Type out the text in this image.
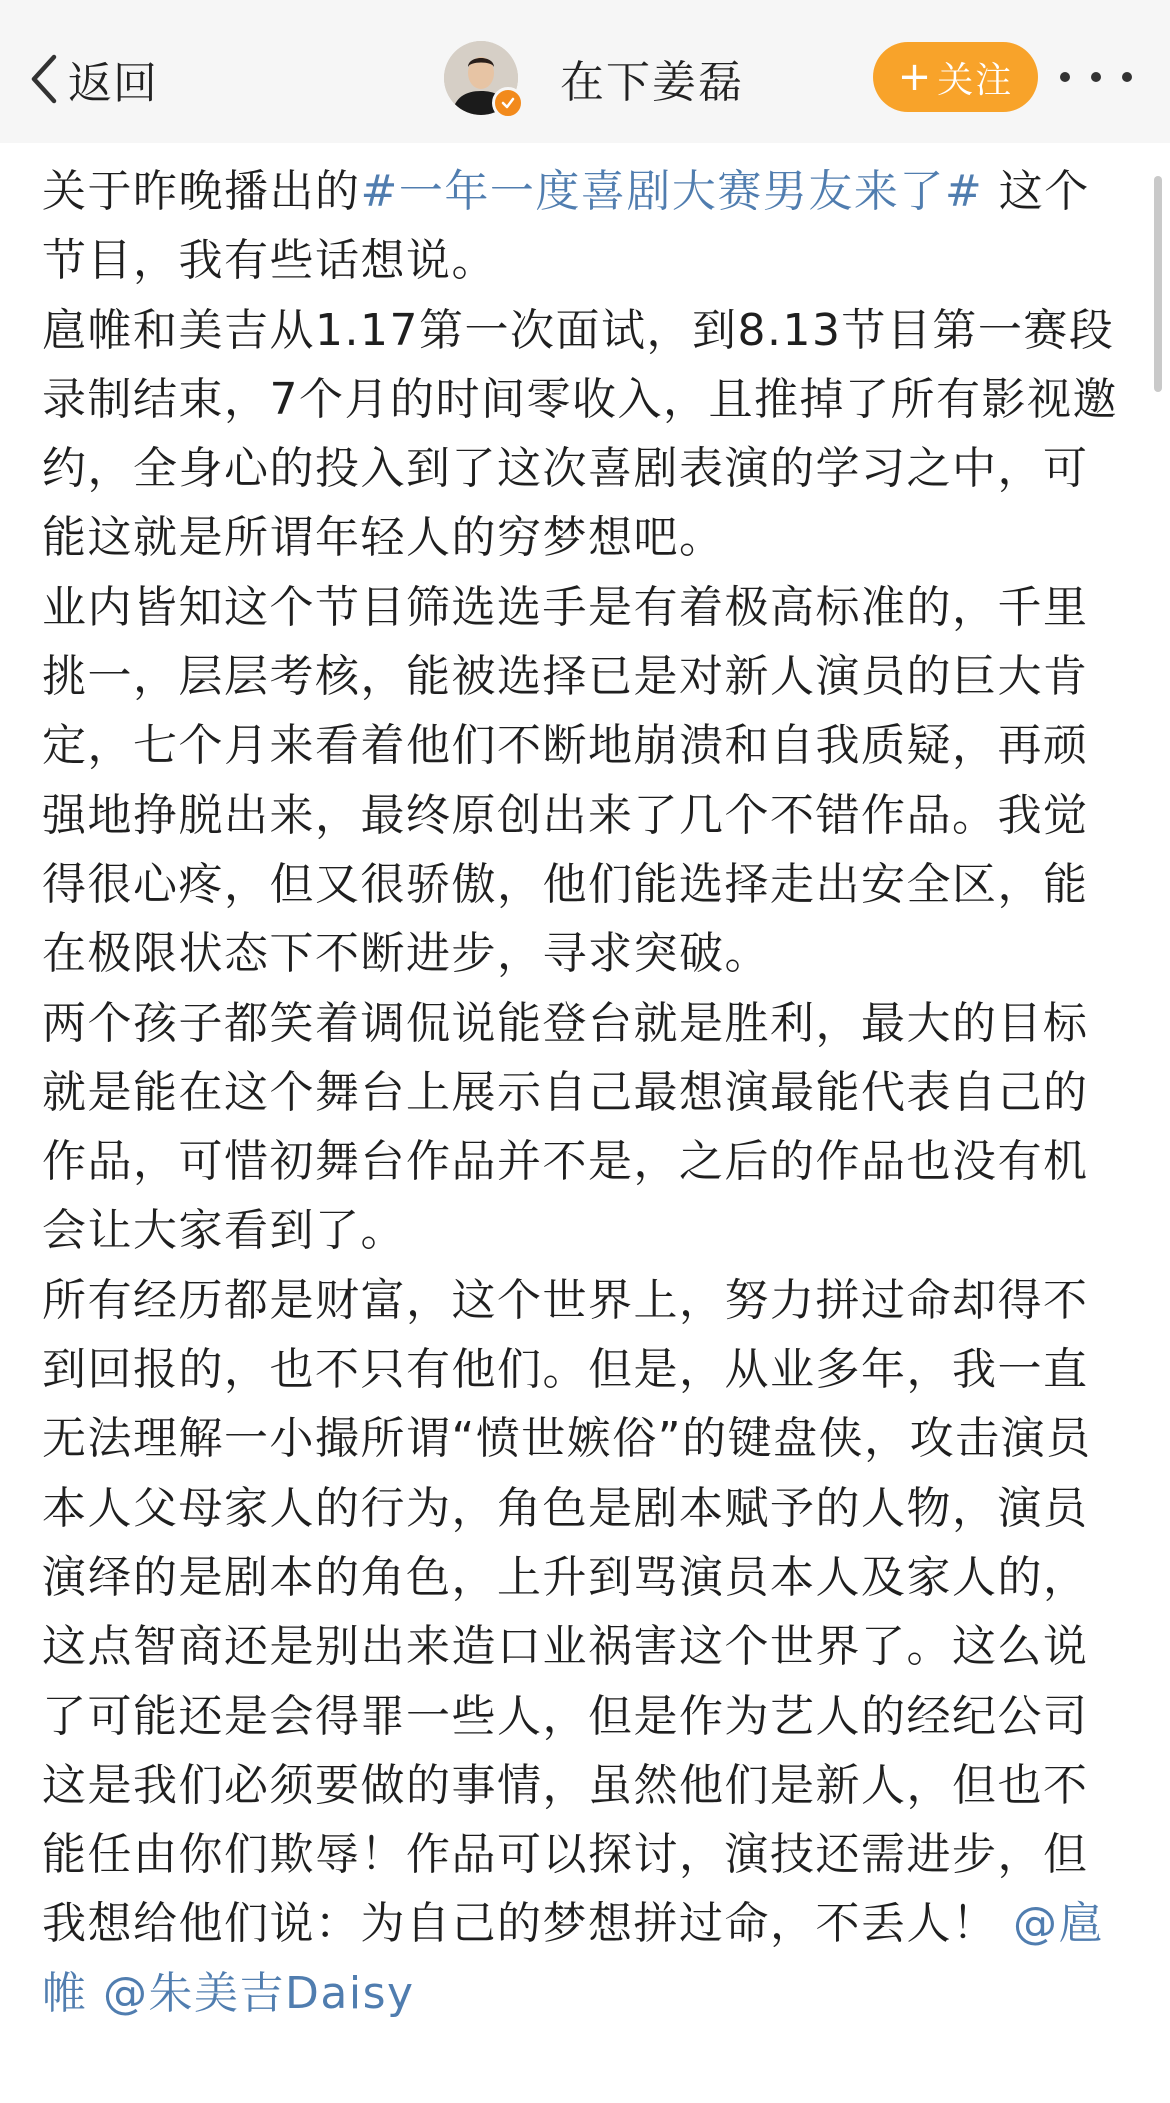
返回	在下姜磊	+ 关注

关于昨晚播出的#一年一度喜剧大赛男友来了# 这个节目，我有些话想说。

扈帷和美吉从1.17第一次面试，到8.13节目第一赛段录制结束，7个月的时间零收入，且推掉了所有影视邀约，全身心的投入到了这次喜剧表演的学习之中，可能这就是所谓年轻人的穷梦想吧。

业内皆知这个节目筛选选手是有着极高标准的，千里挑一，层层考核，能被选择已是对新人演员的巨大肯定，七个月来看着他们不断地崩溃和自我质疑，再顽强地挣脱出来，最终原创出来了几个不错作品。我觉得很心疼，但又很骄傲，他们能选择走出安全区，能在极限状态下不断进步，寻求突破。

两个孩子都笑着调侃说能登台就是胜利，最大的目标就是能在这个舞台上展示自己最想演最能代表自己的作品，可惜初舞台作品并不是，之后的作品也没有机会让大家看到了。

所有经历都是财富，这个世界上，努力拼过命却得不到回报的，也不只有他们。但是，从业多年，我一直无法理解一小撮所谓“愤世嫉俗”的键盘侠，攻击演员本人父母家人的行为，角色是剧本赋予的人物，演员演绎的是剧本的角色，上升到骂演员本人及家人的，这点智商还是别出来造口业祸害这个世界了。这么说了可能还是会得罪一些人，但是作为艺人的经纪公司这是我们必须要做的事情，虽然他们是新人，但也不能任由你们欺辱！作品可以探讨，演技还需进步，但

我想给他们说：为自己的梦想拼过命，不丢人！ @扈帷 @朱美吉Daisy
